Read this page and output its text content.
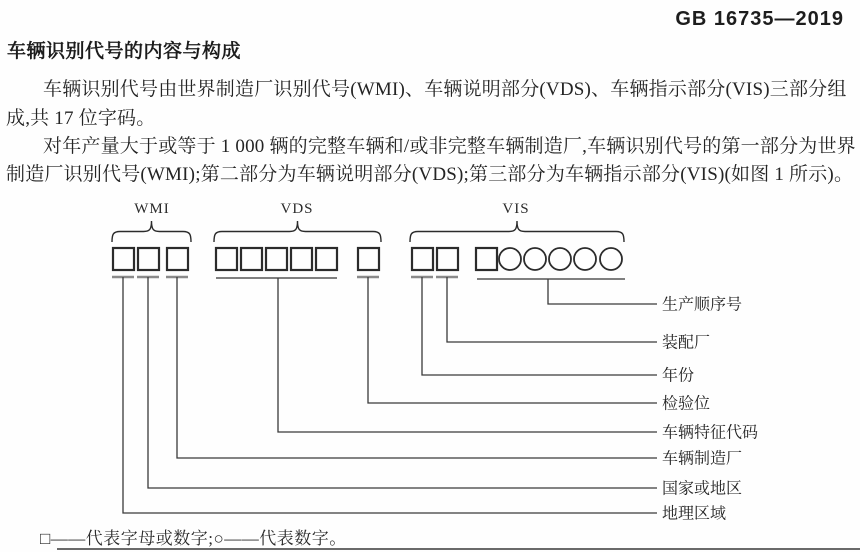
GB 16735—2019
车辆识别代号的内容与构成
车辆识别代号由世界制造厂识别代号(WMI)、车辆说明部分(VDS)、车辆指示部分(VIS)三部分组
成,共 17 位字码。
对年产量大于或等于 1 000 辆的完整车辆和/或非完整车辆制造厂,车辆识别代号的第一部分为世界
制造厂识别代号(WMI);第二部分为车辆说明部分(VDS);第三部分为车辆指示部分(VIS)(如图 1 所示)。
WMI	VDS	VIS
生产顺序号
装配厂
年份
检验位
车辆特征代码
车辆制造厂
国家或地区
地理区域
□——代表字母或数字;○——代表数字。
